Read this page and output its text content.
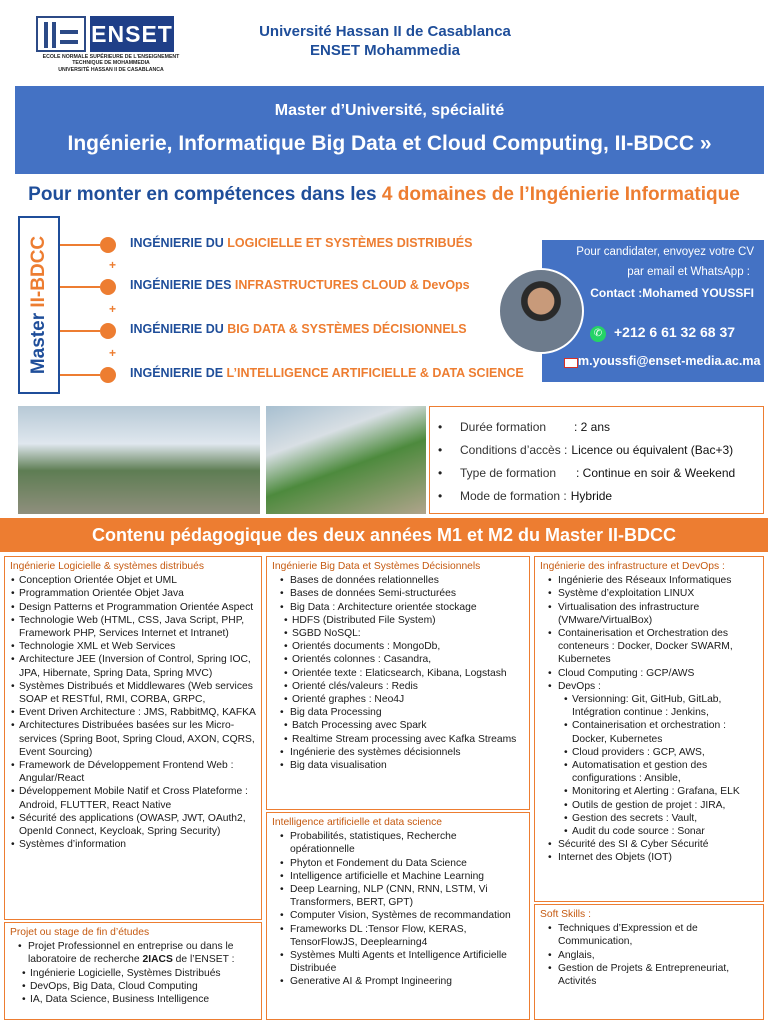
ENSET
ECOLE NORMALE SUPÉRIEURE DE L'ENSEIGNEMENT
TECHNIQUE DE MOHAMMEDIA
UNIVERSITÉ HASSAN II DE CASABLANCA
Université Hassan II de Casablanca
ENSET Mohammedia
Master d’Université, spécialité
Ingénierie, Informatique Big Data et Cloud Computing, II-BDCC »
Pour monter en compétences dans les 4 domaines de l’Ingénierie Informatique
Master II-BDCC	INGÉNIERIE DU LOGICIELLE ET SYSTÈMES DISTRIBUÉS
+
INGÉNIERIE DES INFRASTRUCTURES CLOUD & DevOps
+
INGÉNIERIE DU BIG DATA & SYSTÈMES DÉCISIONNELS
+
INGÉNIERIE DE L’INTELLIGENCE ARTIFICIELLE & DATA SCIENCE
Pour candidater, envoyez votre CV
par email et WhatsApp :
Contact :Mohamed YOUSSFI
✆ +212 6 61 32 68 37
m.youssfi@enset-media.ac.ma
•	Durée formation	: 2 ans
•	Conditions d’accès : Licence ou équivalent (Bac+3)
•	Type de formation	: Continue en soir & Weekend
•	Mode de formation : Hybride
Contenu pédagogique des deux années M1 et M2 du Master II-BDCC
Ingénierie Logicielle & systèmes distribués
• Conception Orientée Objet et UML
• Programmation Orientée Objet Java
• Design Patterns et Programmation Orientée Aspect
• Technologie Web (HTML, CSS, Java Script, PHP, Framework PHP, Services Internet et Intranet)
• Technologie XML et Web Services
• Architecture JEE (Inversion of Control, Spring IOC, JPA, Hibernate, Spring Data, Spring MVC)
• Systèmes Distribués et Middlewares (Web services SOAP et RESTful, RMI, CORBA, GRPC,
• Event Driven Architecture : JMS, RabbitMQ, KAFKA
• Architectures Distribuées basées sur les Micro-services (Spring Boot, Spring Cloud, AXON, CQRS, Event Sourcing)
• Framework de Développement Frontend Web : Angular/React
• Développement Mobile Natif et Cross Plateforme : Android, FLUTTER, React Native
• Sécurité des applications (OWASP, JWT, OAuth2, OpenId Connect, Keycloak, Spring Security)
• Systèmes d’information
Projet ou stage de fin d’études
• Projet Professionnel en entreprise ou dans le laboratoire de recherche 2IACS de l’ENSET :
• Ingénierie Logicielle, Systèmes Distribués
• DevOps, Big Data, Cloud Computing
• IA, Data Science, Business Intelligence
Ingénierie Big Data et Systèmes Décisionnels
• Bases de données relationnelles
• Bases de données Semi-structurées
• Big Data : Architecture orientée stockage
• HDFS (Distributed File System)
• SGBD NoSQL:
• Orientés documents : MongoDb,
• Orientés colonnes : Casandra,
• Orientée texte : Elaticsearch, Kibana, Logstash
• Orienté clés/valeurs : Redis
• Orienté graphes : Neo4J
• Big data Processing
• Batch Processing avec Spark
• Realtime Stream processing avec Kafka Streams
• Ingénierie des systèmes décisionnels
• Big data visualisation
Intelligence artificielle et data science
• Probabilités, statistiques, Recherche opérationnelle
• Phyton et Fondement du Data Science
• Intelligence artificielle et Machine Learning
• Deep Learning, NLP (CNN, RNN, LSTM, Vi Transformers, BERT, GPT)
• Computer Vision, Systèmes de recommandation
• Frameworks DL :Tensor Flow, KERAS, TensorFlowJS, Deeplearning4
• Systèmes Multi Agents et Intelligence Artificielle Distribuée
• Generative AI & Prompt Ingineering
Ingénierie des infrastructure et DevOps :
• Ingénierie des Réseaux Informatiques
• Système d’exploitation LINUX
• Virtualisation des infrastructure (VMware/VirtualBox)
• Containerisation et Orchestration des conteneurs : Docker, Docker SWARM, Kubernetes
• Cloud Computing : GCP/AWS
• DevOps :
• Versionning: Git, GitHub, GitLab, Intégration continue : Jenkins,
• Containerisation et orchestration : Docker, Kubernetes
• Cloud providers : GCP, AWS,
• Automatisation et gestion des configurations : Ansible,
• Monitoring et Alerting : Grafana, ELK
• Outils de gestion de projet : JIRA,
• Gestion des secrets : Vault,
• Audit du code source : Sonar
• Sécurité des SI & Cyber Sécurité
• Internet des Objets (IOT)
Soft Skills :
• Techniques d’Expression et de Communication,
• Anglais,
• Gestion de Projets & Entrepreneuriat, Activités
